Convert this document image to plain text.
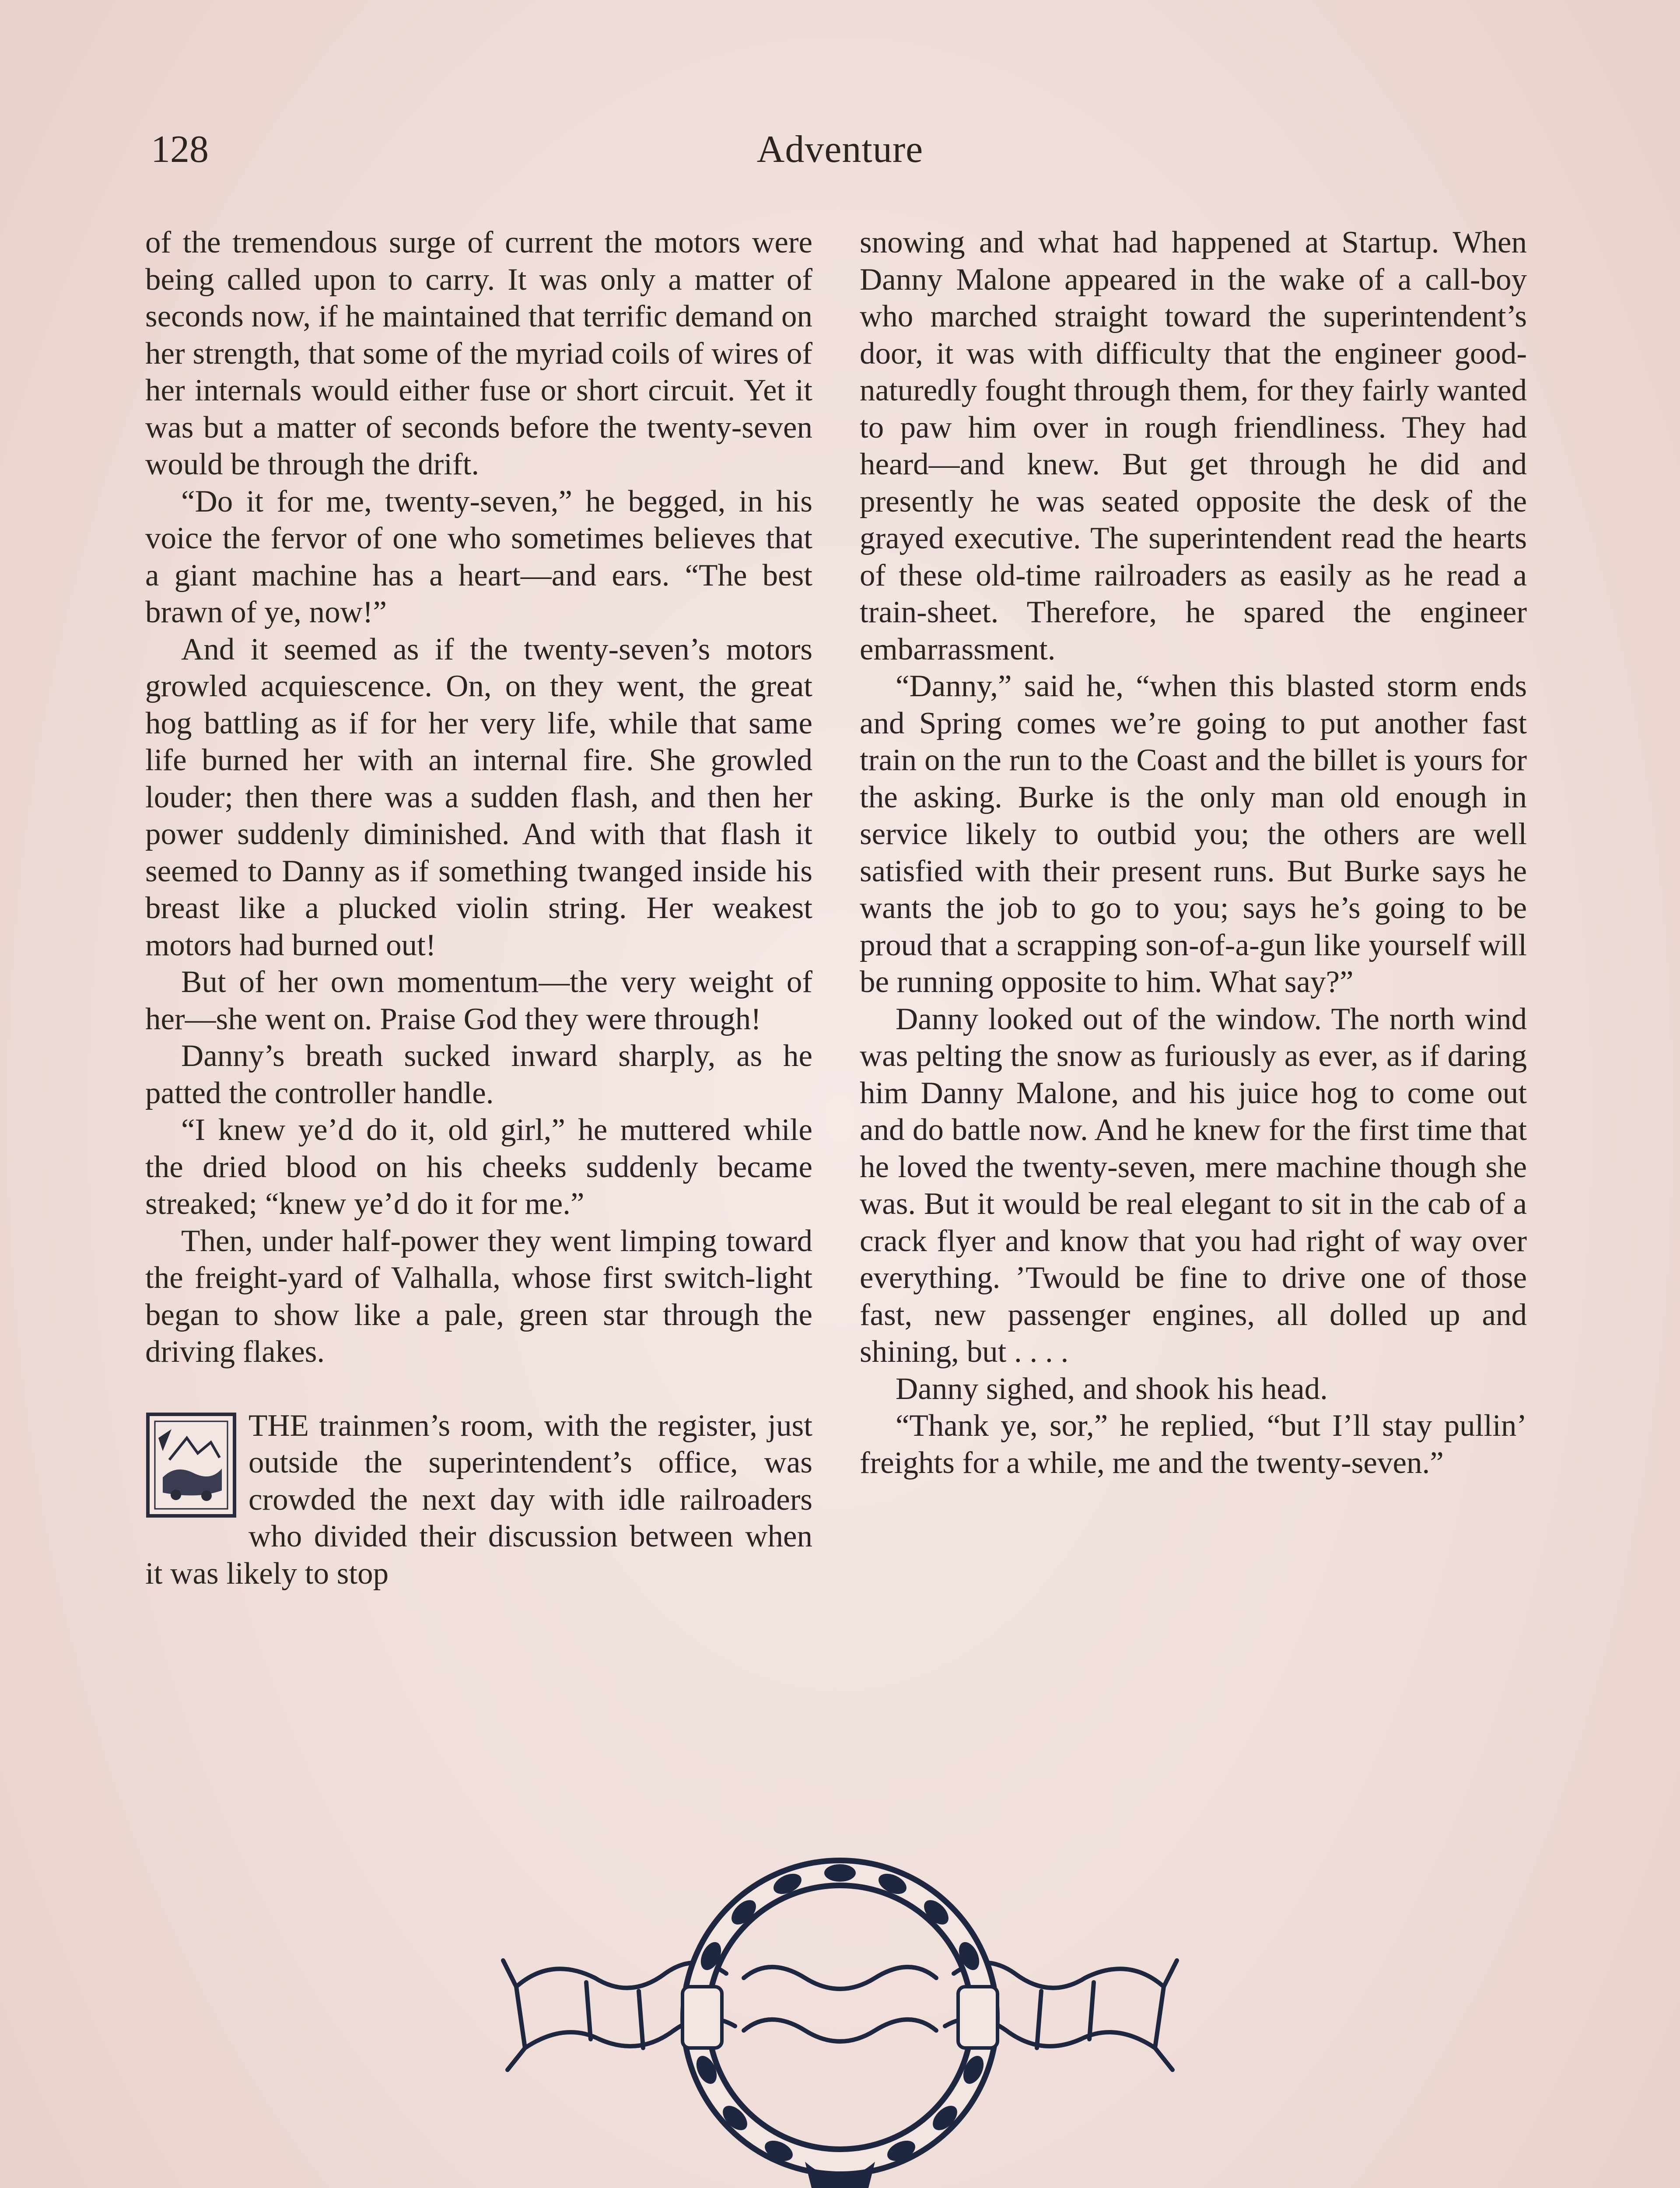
128	Adventure

of the tremendous surge of current the motors were being called upon to carry. It was only a matter of seconds now, if he maintained that terrific demand on her strength, that some of the myriad coils of wires of her internals would either fuse or short circuit. Yet it was but a matter of seconds before the twenty-seven would be through the drift.

“Do it for me, twenty-seven,” he begged, in his voice the fervor of one who sometimes believes that a giant machine has a heart—and ears. “The best brawn of ye, now!”

And it seemed as if the twenty-seven’s motors growled acquiescence. On, on they went, the great hog battling as if for her very life, while that same life burned her with an internal fire. She growled louder; then there was a sudden flash, and then her power suddenly diminished. And with that flash it seemed to Danny as if something twanged inside his breast like a plucked violin string. Her weakest motors had burned out!

But of her own momentum—the very weight of her—she went on. Praise God they were through!

Danny’s breath sucked inward sharply, as he patted the controller handle.

“I knew ye’d do it, old girl,” he muttered while the dried blood on his cheeks suddenly became streaked; “knew ye’d do it for me.”

Then, under half-power they went limping toward the freight-yard of Valhalla, whose first switch-light began to show like a pale, green star through the driving flakes.

THE trainmen’s room, with the register, just outside the superintendent’s office, was crowded the next day with idle railroaders who divided their discussion between when it was likely to stop

snowing and what had happened at Startup. When Danny Malone appeared in the wake of a call-boy who marched straight toward the superintendent’s door, it was with difficulty that the engineer good-naturedly fought through them, for they fairly wanted to paw him over in rough friendliness. They had heard—and knew. But get through he did and presently he was seated opposite the desk of the grayed executive. The superintendent read the hearts of these old-time railroaders as easily as he read a train-sheet. Therefore, he spared the engineer embarrassment.

“Danny,” said he, “when this blasted storm ends and Spring comes we’re going to put another fast train on the run to the Coast and the billet is yours for the asking. Burke is the only man old enough in service likely to outbid you; the others are well satisfied with their present runs. But Burke says he wants the job to go to you; says he’s going to be proud that a scrapping son-of-a-gun like yourself will be running opposite to him. What say?”

Danny looked out of the window. The north wind was pelting the snow as furiously as ever, as if daring him Danny Malone, and his juice hog to come out and do battle now. And he knew for the first time that he loved the twenty-seven, mere machine though she was. But it would be real elegant to sit in the cab of a crack flyer and know that you had right of way over everything. ’Twould be fine to drive one of those fast, new passenger engines, all dolled up and shining, but . . . .

Danny sighed, and shook his head.

“Thank ye, sor,” he replied, “but I’ll stay pullin’ freights for a while, me and the twenty-seven.”
